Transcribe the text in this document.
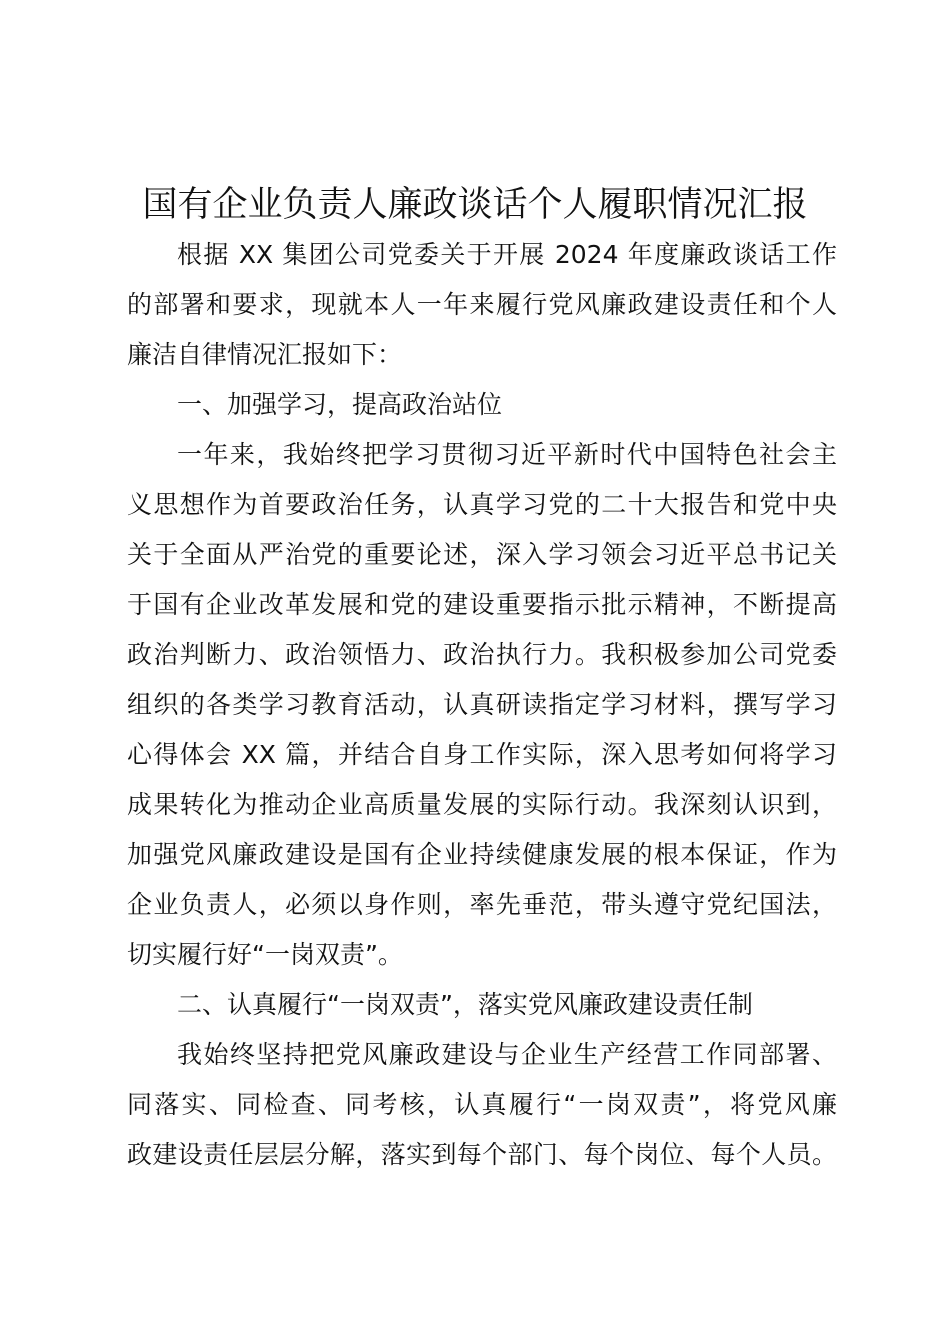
国有企业负责人廉政谈话个人履职情况汇报
根据 XX 集团公司党委关于开展 2024 年度廉政谈话工作
的部署和要求，现就本人一年来履行党风廉政建设责任和个人
廉洁自律情况汇报如下：
一、加强学习，提高政治站位
一年来，我始终把学习贯彻习近平新时代中国特色社会主
义思想作为首要政治任务，认真学习党的二十大报告和党中央
关于全面从严治党的重要论述，深入学习领会习近平总书记关
于国有企业改革发展和党的建设重要指示批示精神，不断提高
政治判断力、政治领悟力、政治执行力。我积极参加公司党委
组织的各类学习教育活动，认真研读指定学习材料，撰写学习
心得体会 XX 篇，并结合自身工作实际，深入思考如何将学习
成果转化为推动企业高质量发展的实际行动。我深刻认识到，
加强党风廉政建设是国有企业持续健康发展的根本保证，作为
企业负责人，必须以身作则，率先垂范，带头遵守党纪国法，
切实履行好“一岗双责”。
二、认真履行“一岗双责”，落实党风廉政建设责任制
我始终坚持把党风廉政建设与企业生产经营工作同部署、
同落实、同检查、同考核，认真履行“一岗双责”，将党风廉
政建设责任层层分解，落实到每个部门、每个岗位、每个人员。
